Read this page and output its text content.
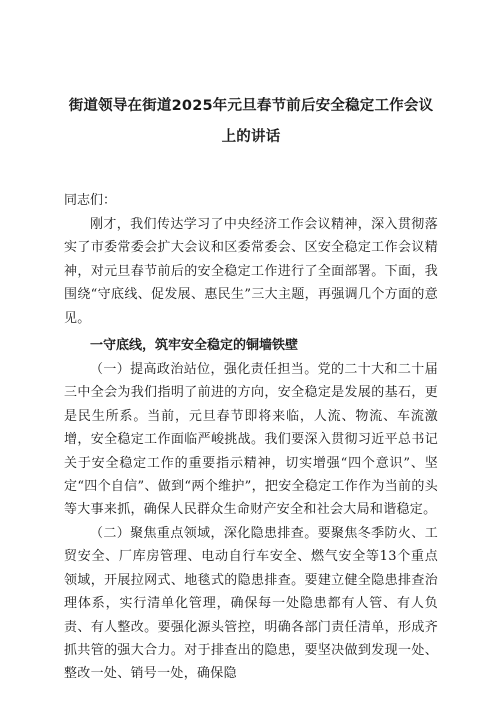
街道领导在街道2025年元旦春节前后安全稳定工作会议
上的讲话

同志们：

刚才，我们传达学习了中央经济工作会议精神，深入贯彻落实了市委常委会扩大会议和区委常委会、区安全稳定工作会议精神，对元旦春节前后的安全稳定工作进行了全面部署。下面，我围绕“守底线、促发展、惠民生”三大主题，再强调几个方面的意见。

一守底线，筑牢安全稳定的铜墙铁壁

（一）提高政治站位，强化责任担当。党的二十大和二十届三中全会为我们指明了前进的方向，安全稳定是发展的基石，更是民生所系。当前，元旦春节即将来临，人流、物流、车流激增，安全稳定工作面临严峻挑战。我们要深入贯彻习近平总书记关于安全稳定工作的重要指示精神，切实增强“四个意识”、坚定“四个自信”、做到“两个维护”，把安全稳定工作作为当前的头等大事来抓，确保人民群众生命财产安全和社会大局和谐稳定。

（二）聚焦重点领域，深化隐患排查。要聚焦冬季防火、工贸安全、厂库房管理、电动自行车安全、燃气安全等13个重点领域，开展拉网式、地毯式的隐患排查。要建立健全隐患排查治理体系，实行清单化管理，确保每一处隐患都有人管、有人负责、有人整改。要强化源头管控，明确各部门责任清单，形成齐抓共管的强大合力。对于排查出的隐患，要坚决做到发现一处、整改一处、销号一处，确保隐
